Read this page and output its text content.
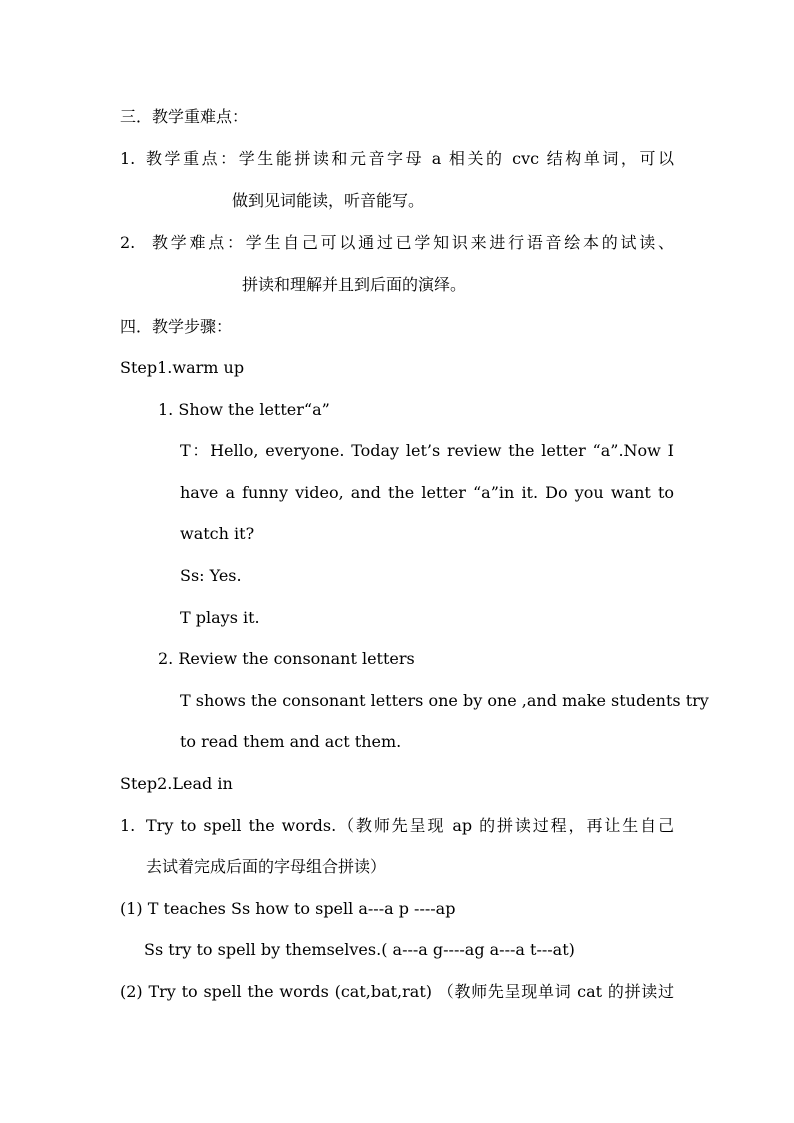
三．教学重难点：
1. 教学重点：学生能拼读和元音字母 a 相关的 cvc 结构单词，可以
做到见词能读，听音能写。
2. 教学难点：学生自己可以通过已学知识来进行语音绘本的试读、
拼读和理解并且到后面的演绎。
四．教学步骤：
Step1.warm up
1. Show the letter“a”
T：Hello, everyone. Today let’s review the letter “a”.Now I
have a funny video, and the letter “a”in it. Do you want to
watch it?
Ss: Yes.
T plays it.
2. Review the consonant letters
T shows the consonant letters one by one ,and make students try
to read them and act them.
Step2.Lead in
1. Try to spell the words.（教师先呈现 ap 的拼读过程，再让生自己
去试着完成后面的字母组合拼读）
(1) T teaches Ss how to spell a---a p ----ap
Ss try to spell by themselves.( a---a g----ag a---a t---at)
(2) Try to spell the words (cat,bat,rat) （教师先呈现单词 cat 的拼读过
